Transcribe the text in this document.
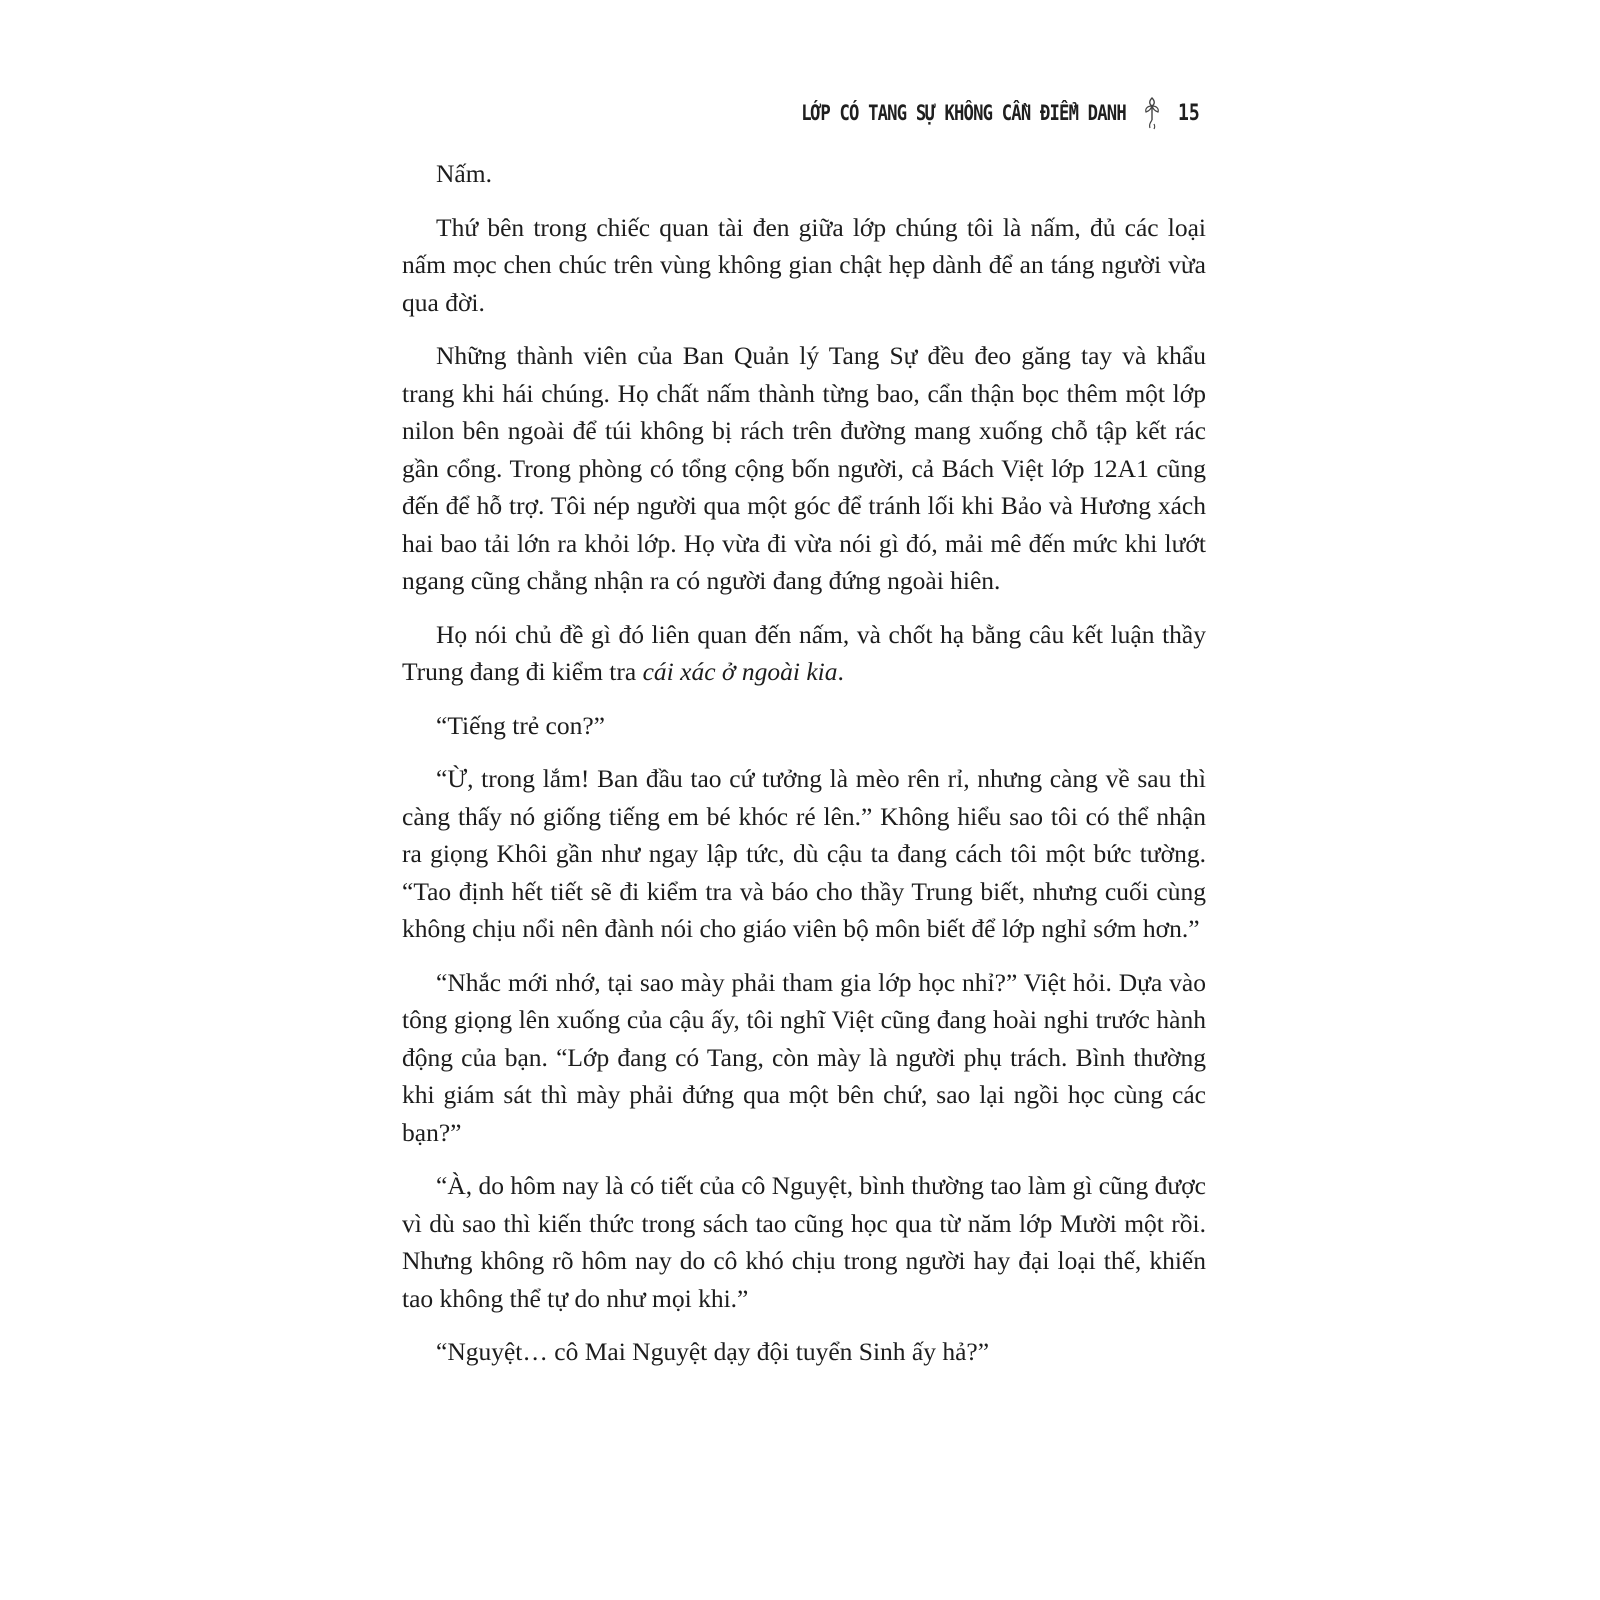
LỚP CÓ TANG SỰ KHÔNG CẦN ĐIỂM DANH 15

Nấm.

Thứ bên trong chiếc quan tài đen giữa lớp chúng tôi là nấm, đủ các loại nấm mọc chen chúc trên vùng không gian chật hẹp dành để an táng người vừa qua đời.

Những thành viên của Ban Quản lý Tang Sự đều đeo găng tay và khẩu trang khi hái chúng. Họ chất nấm thành từng bao, cẩn thận bọc thêm một lớp nilon bên ngoài để túi không bị rách trên đường mang xuống chỗ tập kết rác gần cổng. Trong phòng có tổng cộng bốn người, cả Bách Việt lớp 12A1 cũng đến để hỗ trợ. Tôi nép người qua một góc để tránh lối khi Bảo và Hương xách hai bao tải lớn ra khỏi lớp. Họ vừa đi vừa nói gì đó, mải mê đến mức khi lướt ngang cũng chẳng nhận ra có người đang đứng ngoài hiên.

Họ nói chủ đề gì đó liên quan đến nấm, và chốt hạ bằng câu kết luận thầy Trung đang đi kiểm tra cái xác ở ngoài kia.

“Tiếng trẻ con?”

“Ừ, trong lắm! Ban đầu tao cứ tưởng là mèo rên rỉ, nhưng càng về sau thì càng thấy nó giống tiếng em bé khóc ré lên.” Không hiểu sao tôi có thể nhận ra giọng Khôi gần như ngay lập tức, dù cậu ta đang cách tôi một bức tường. “Tao định hết tiết sẽ đi kiểm tra và báo cho thầy Trung biết, nhưng cuối cùng không chịu nổi nên đành nói cho giáo viên bộ môn biết để lớp nghỉ sớm hơn.”

“Nhắc mới nhớ, tại sao mày phải tham gia lớp học nhỉ?” Việt hỏi. Dựa vào tông giọng lên xuống của cậu ấy, tôi nghĩ Việt cũng đang hoài nghi trước hành động của bạn. “Lớp đang có Tang, còn mày là người phụ trách. Bình thường khi giám sát thì mày phải đứng qua một bên chứ, sao lại ngồi học cùng các bạn?”

“À, do hôm nay là có tiết của cô Nguyệt, bình thường tao làm gì cũng được vì dù sao thì kiến thức trong sách tao cũng học qua từ năm lớp Mười một rồi. Nhưng không rõ hôm nay do cô khó chịu trong người hay đại loại thế, khiến tao không thể tự do như mọi khi.”

“Nguyệt… cô Mai Nguyệt dạy đội tuyển Sinh ấy hả?”
